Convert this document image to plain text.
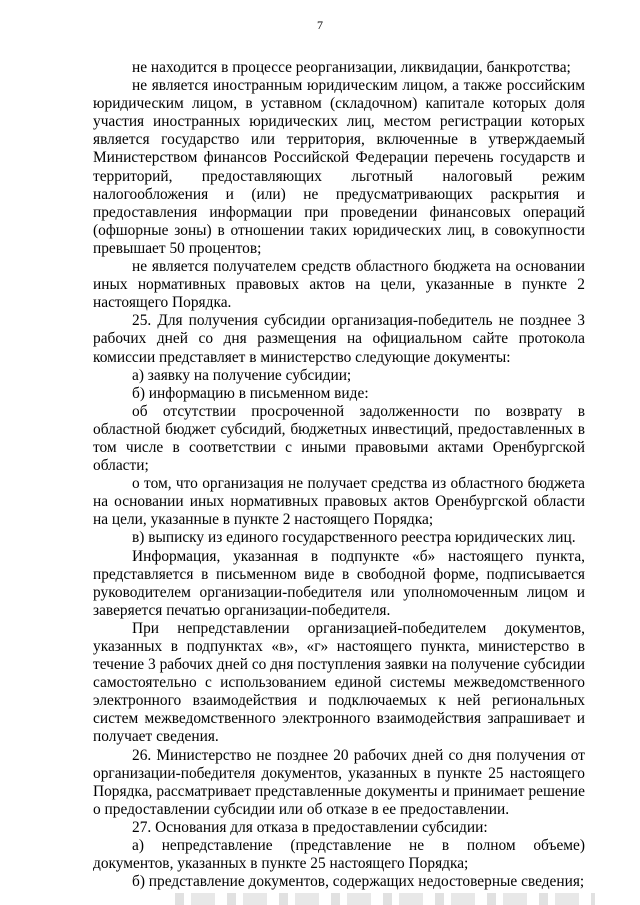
7

не находится в процессе реорганизации, ликвидации, банкротства;

не является иностранным юридическим лицом, а также российским юридическим лицом, в уставном (складочном) капитале которых доля участия иностранных юридических лиц, местом регистрации которых является государство или территория, включенные в утверждаемый Министерством финансов Российской Федерации перечень государств и территорий, предоставляющих льготный налоговый режим налогообложения и (или) не предусматривающих раскрытия и предоставления информации при проведении финансовых операций (офшорные зоны) в отношении таких юридических лиц, в совокупности превышает 50 процентов;

не является получателем средств областного бюджета на основании иных нормативных правовых актов на цели, указанные в пункте 2 настоящего Порядка.

25. Для получения субсидии организация-победитель не позднее 3 рабочих дней со дня размещения на официальном сайте протокола комиссии представляет в министерство следующие документы:

а) заявку на получение субсидии;

б) информацию в письменном виде:

об отсутствии просроченной задолженности по возврату в областной бюджет субсидий, бюджетных инвестиций, предоставленных в том числе в соответствии с иными правовыми актами Оренбургской области;

о том, что организация не получает средства из областного бюджета на основании иных нормативных правовых актов Оренбургской области на цели, указанные в пункте 2 настоящего Порядка;

в) выписку из единого государственного реестра юридических лиц.

Информация, указанная в подпункте «б» настоящего пункта, представляется в письменном виде в свободной форме, подписывается руководителем организации-победителя или уполномоченным лицом и заверяется печатью организации-победителя.

При непредставлении организацией-победителем документов, указанных в подпунктах «в», «г» настоящего пункта, министерство в течение 3 рабочих дней со дня поступления заявки на получение субсидии самостоятельно с использованием единой системы межведомственного электронного взаимодействия и подключаемых к ней региональных систем межведомственного электронного взаимодействия запрашивает и получает сведения.

26. Министерство не позднее 20 рабочих дней со дня получения от организации-победителя документов, указанных в пункте 25 настоящего Порядка, рассматривает представленные документы и принимает решение о предоставлении субсидии или об отказе в ее предоставлении.

27. Основания для отказа в предоставлении субсидии:

а) непредставление (представление не в полном объеме) документов, указанных в пункте 25 настоящего Порядка;

б) представление документов, содержащих недостоверные сведения;
